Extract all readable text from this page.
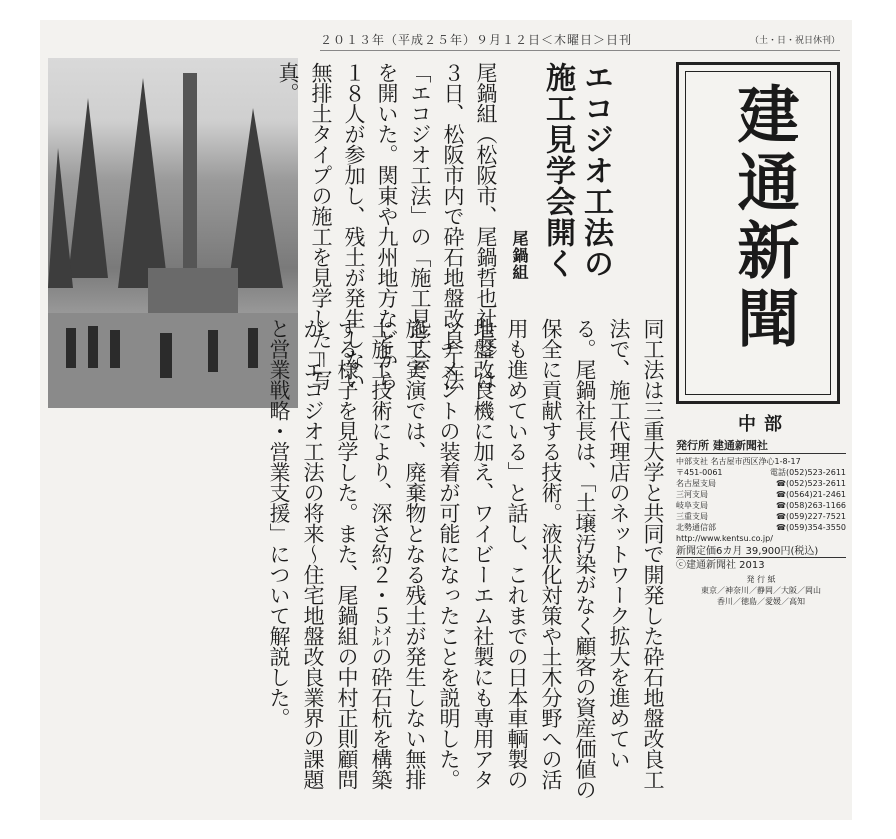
２０１３年（平成２５年）９月１２日＜木曜日＞日刊	（土・日・祝日休刊）
建通新聞
中部
発行所 建通新聞社
中部支社 名古屋市西区浄心1-8-17
〒451-0061	電話(052)523-2611
名古屋支局	☎(052)523-2611
三河支局	☎(0564)21-2461
岐阜支局	☎(058)263-1166
三重支局	☎(059)227-7521
北勢通信部	☎(059)354-3550
http://www.kentsu.co.jp/
新聞定価6カ月 39,900円(税込)
ⓒ建通新聞社 2013
発 行 紙
東京／神奈川／静岡／大阪／岡山
香川／徳島／愛媛／高知
エコジオ工法の
施工見学会開く
尾鍋組
尾鍋組（松阪市、尾鍋哲也社長）は３日、松阪市内で砕石地盤改良工法「エコジオ工法」の「施工見学会」を開いた。関東や九州地方などから１８人が参加し、残土が発生しない無排土タイプの施工を見学した＝写真。
同工法は三重大学と共同で開発した砕石地盤改良工法で、施工代理店のネットワーク拡大を進めている。尾鍋社長は、「土壌汚染がなく顧客の資産価値の保全に貢献する技術。液状化対策や土木分野への活用も進めている」と話し、これまでの日本車輌製の地盤改良機に加え、ワイビーエム社製にも専用アタッチメントの装着が可能になったことを説明した。施工実演では、廃棄物となる残土が発生しない無排土施工技術により、深さ約２・５㍍の砕石杭を構築する様子を見学した。また、尾鍋組の中村正則顧問が「エコジオ工法の将来～住宅地盤改良業界の課題と営業戦略・営業支援」について解説した。
